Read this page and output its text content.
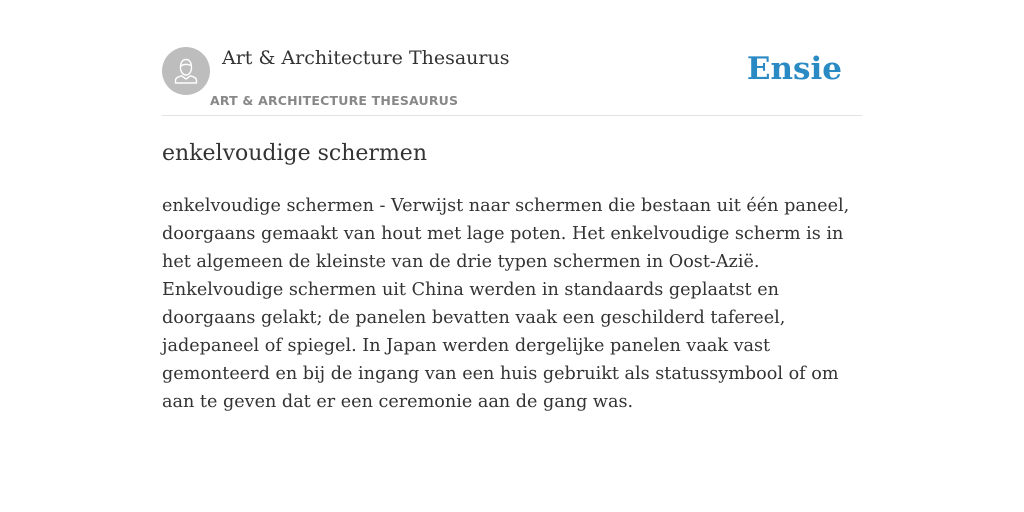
Art & Architecture Thesaurus
ART & ARCHITECTURE THESAURUS
Ensie
enkelvoudige schermen

enkelvoudige schermen - Verwijst naar schermen die bestaan uit één paneel, doorgaans gemaakt van hout met lage poten. Het enkelvoudige scherm is in het algemeen de kleinste van de drie typen schermen in Oost-Azië. Enkelvoudige schermen uit China werden in standaards geplaatst en doorgaans gelakt; de panelen bevatten vaak een geschilderd tafereel, jadepaneel of spiegel. In Japan werden dergelijke panelen vaak vast gemonteerd en bij de ingang van een huis gebruikt als statussymbool of om aan te geven dat er een ceremonie aan de gang was.
